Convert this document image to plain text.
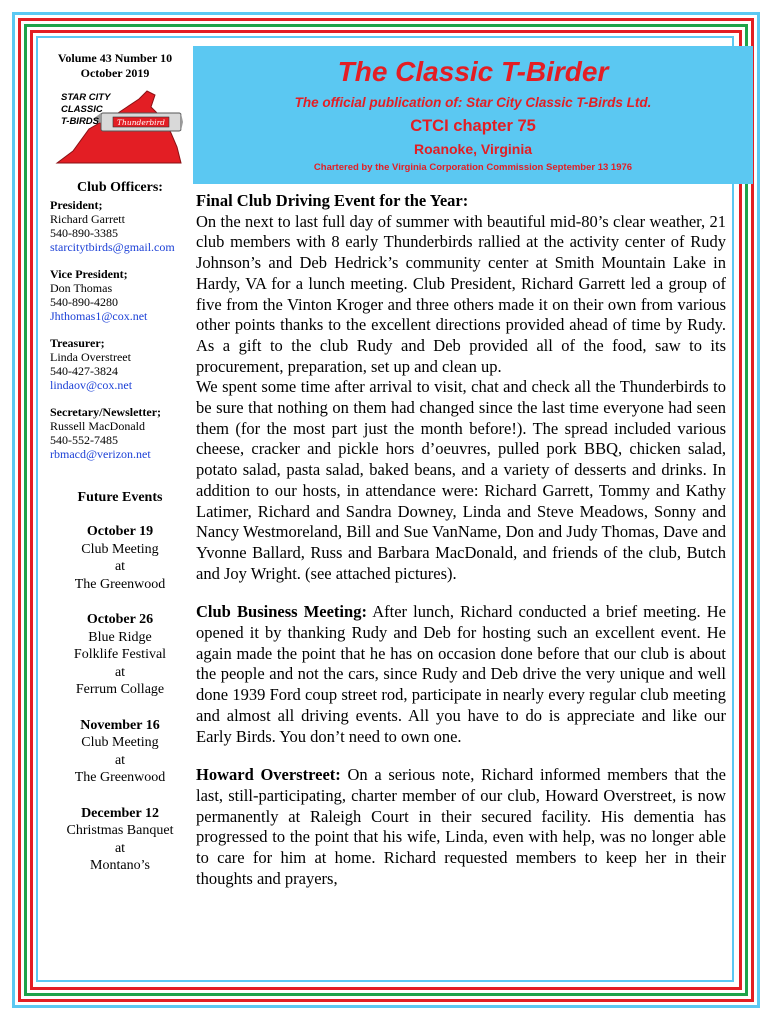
Volume 43 Number 10
October 2019
Thunderbird
STAR CITY
CLASSIC
T-BIRDS
The Classic T-Birder
The official publication of: Star City Classic T-Birds Ltd.
CTCI chapter 75
Roanoke, Virginia
Chartered by the Virginia Corporation Commission September 13 1976
Club Officers:
President;
Richard Garrett
540-890-3385
starcitytbirds@gmail.com
Vice President;
Don Thomas
540-890-4280
Jhthomas1@cox.net
Treasurer;
Linda Overstreet
540-427-3824
lindaov@cox.net
Secretary/Newsletter;
Russell MacDonald
540-552-7485
rbmacd@verizon.net
Future Events
October 19
Club Meeting
at
The Greenwood
October 26
Blue Ridge
Folklife Festival
at
Ferrum Collage
November 16
Club Meeting
at
The Greenwood
December 12
Christmas Banquet
at
Montano’s

Final Club Driving Event for the Year:

On the next to last full day of summer with beautiful mid-80’s clear weather, 21 club members with 8 early Thunderbirds rallied at the activity center of Rudy Johnson’s and Deb Hedrick’s community center at Smith Mountain Lake in Hardy, VA for a lunch meeting. Club President, Richard Garrett led a group of five from the Vinton Kroger and three others made it on their own from various other points thanks to the excellent directions provided ahead of time by Rudy. As a gift to the club Rudy and Deb provided all of the food, saw to its procurement, preparation, set up and clean up.

We spent some time after arrival to visit, chat and check all the Thunderbirds to be sure that nothing on them had changed since the last time everyone had seen them (for the most part just the month before!). The spread included various cheese, cracker and pickle hors d’oeuvres, pulled pork BBQ, chicken salad, potato salad, pasta salad, baked beans, and a variety of desserts and drinks. In addition to our hosts, in attendance were: Richard Garrett, Tommy and Kathy Latimer, Richard and Sandra Downey, Linda and Steve Meadows, Sonny and Nancy Westmoreland, Bill and Sue VanName, Don and Judy Thomas, Dave and Yvonne Ballard, Russ and Barbara MacDonald, and friends of the club, Butch and Joy Wright. (see attached pictures).

Club Business Meeting: After lunch, Richard conducted a brief meeting. He opened it by thanking Rudy and Deb for hosting such an excellent event. He again made the point that he has on occasion done before that our club is about the people and not the cars, since Rudy and Deb drive the very unique and well done 1939 Ford coup street rod, participate in nearly every regular club meeting and almost all driving events. All you have to do is appreciate and like our Early Birds. You don’t need to own one.

Howard Overstreet: On a serious note, Richard informed members that the last, still-participating, charter member of our club, Howard Overstreet, is now permanently at Raleigh Court in their secured facility. His dementia has progressed to the point that his wife, Linda, even with help, was no longer able to care for him at home. Richard requested members to keep her in their thoughts and prayers,
